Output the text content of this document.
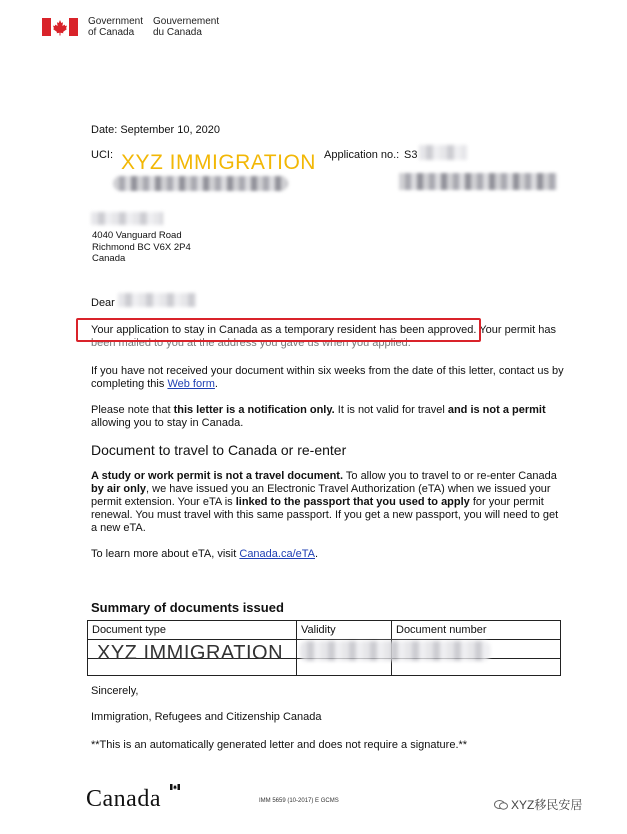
Government
of Canada
Gouvernement
du Canada
Date: September 10, 2020
UCI: XYZ IMMIGRATION Application no.: S3
4040 Vanguard Road
Richmond BC V6X 2P4
Canada
Dear
Your application to stay in Canada as a temporary resident has been approved. Your permit has
been mailed to you at the address you gave us when you applied.
If you have not received your document within six weeks from the date of this letter, contact us by
completing this Web form.
Please note that this letter is a notification only. It is not valid for travel and is not a permit
allowing you to stay in Canada.
Document to travel to Canada or re-enter
A study or work permit is not a travel document. To allow you to travel to or re-enter Canada
by air only, we have issued you an Electronic Travel Authorization (eTA) when we issued your
permit extension. Your eTA is linked to the passport that you used to apply for your permit
renewal. You must travel with this same passport. If you get a new passport, you will need to get
a new eTA.
To learn more about eTA, visit Canada.ca/eTA.
Summary of documents issued
Document type	Validity	Document number

XYZ IMMIGRATION
Sincerely,
Immigration, Refugees and Citizenship Canada
**This is an automatically generated letter and does not require a signature.**
Canada	IMM 5659 (10-2017) E GCMS	XYZ移民安居
